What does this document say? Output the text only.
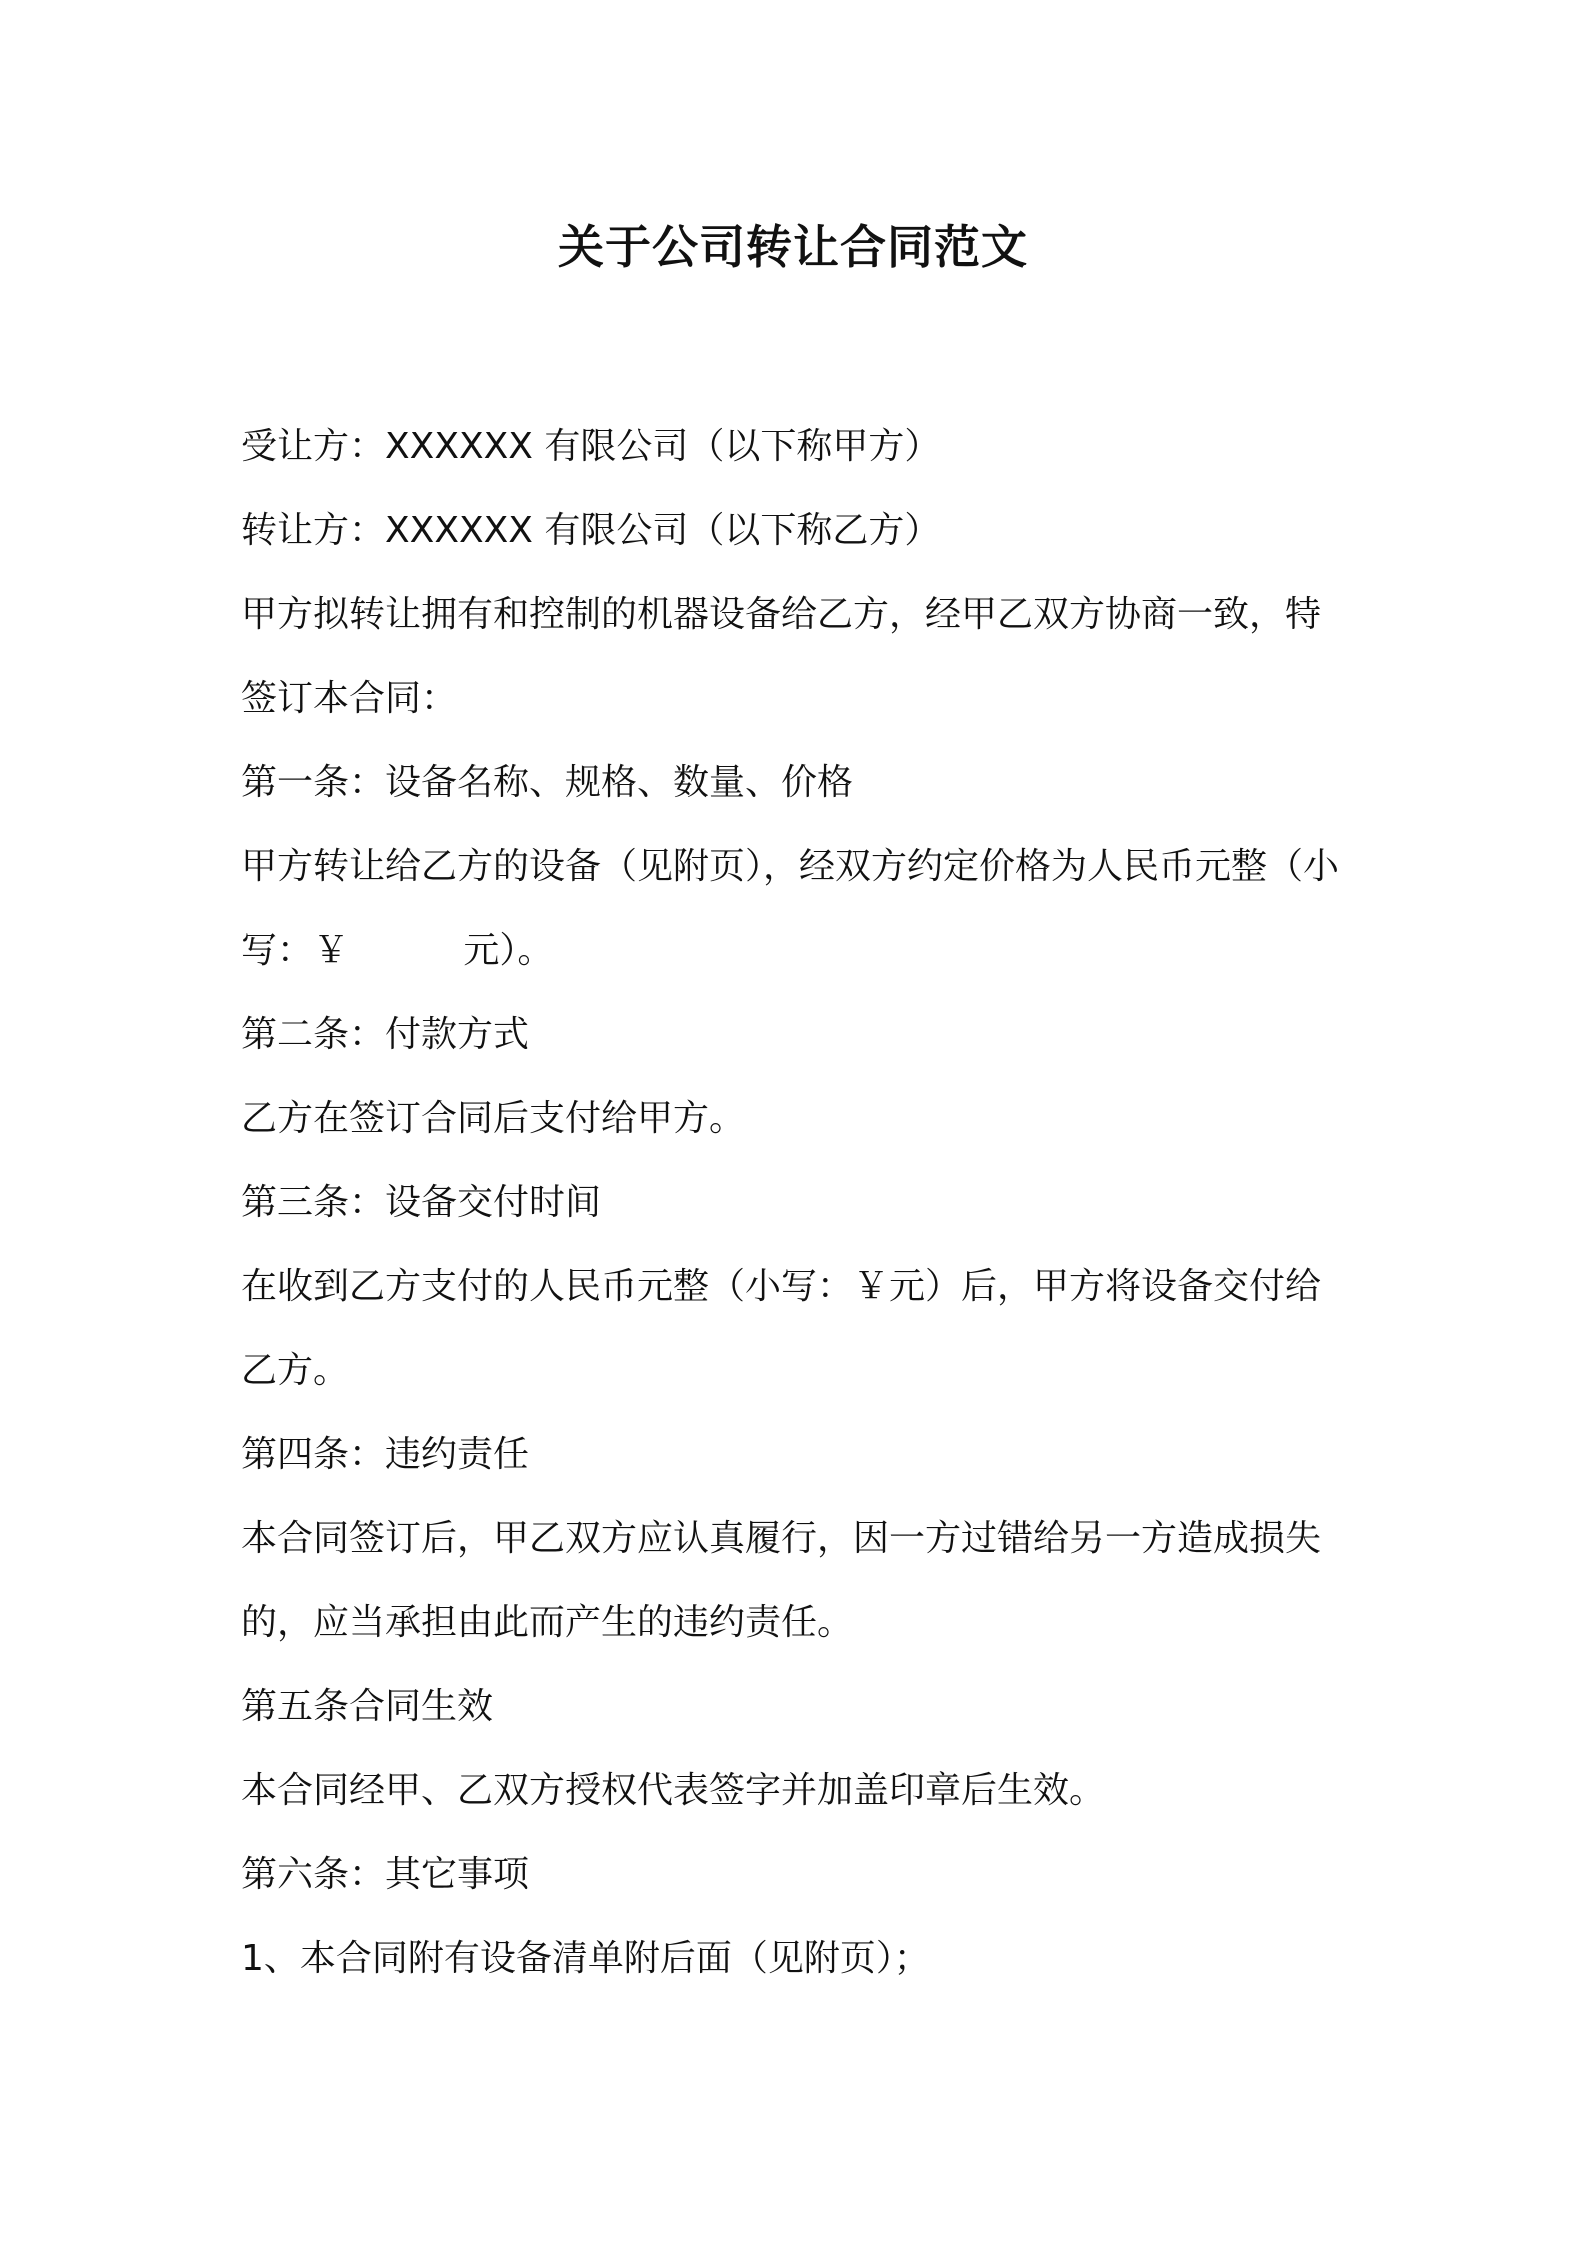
关于公司转让合同范文

受让方：XXXXXX 有限公司（以下称甲方）

转让方：XXXXXX 有限公司（以下称乙方）

甲方拟转让拥有和控制的机器设备给乙方，经甲乙双方协商一致，特

签订本合同：

第一条：设备名称、规格、数量、价格

甲方转让给乙方的设备（见附页），经双方约定价格为人民币元整（小

写：￥          元）。

第二条：付款方式

乙方在签订合同后支付给甲方。

第三条：设备交付时间

在收到乙方支付的人民币元整（小写：￥元）后，甲方将设备交付给

乙方。

第四条：违约责任

本合同签订后，甲乙双方应认真履行，因一方过错给另一方造成损失

的，应当承担由此而产生的违约责任。

第五条合同生效

本合同经甲、乙双方授权代表签字并加盖印章后生效。

第六条：其它事项

1、本合同附有设备清单附后面（见附页）；
